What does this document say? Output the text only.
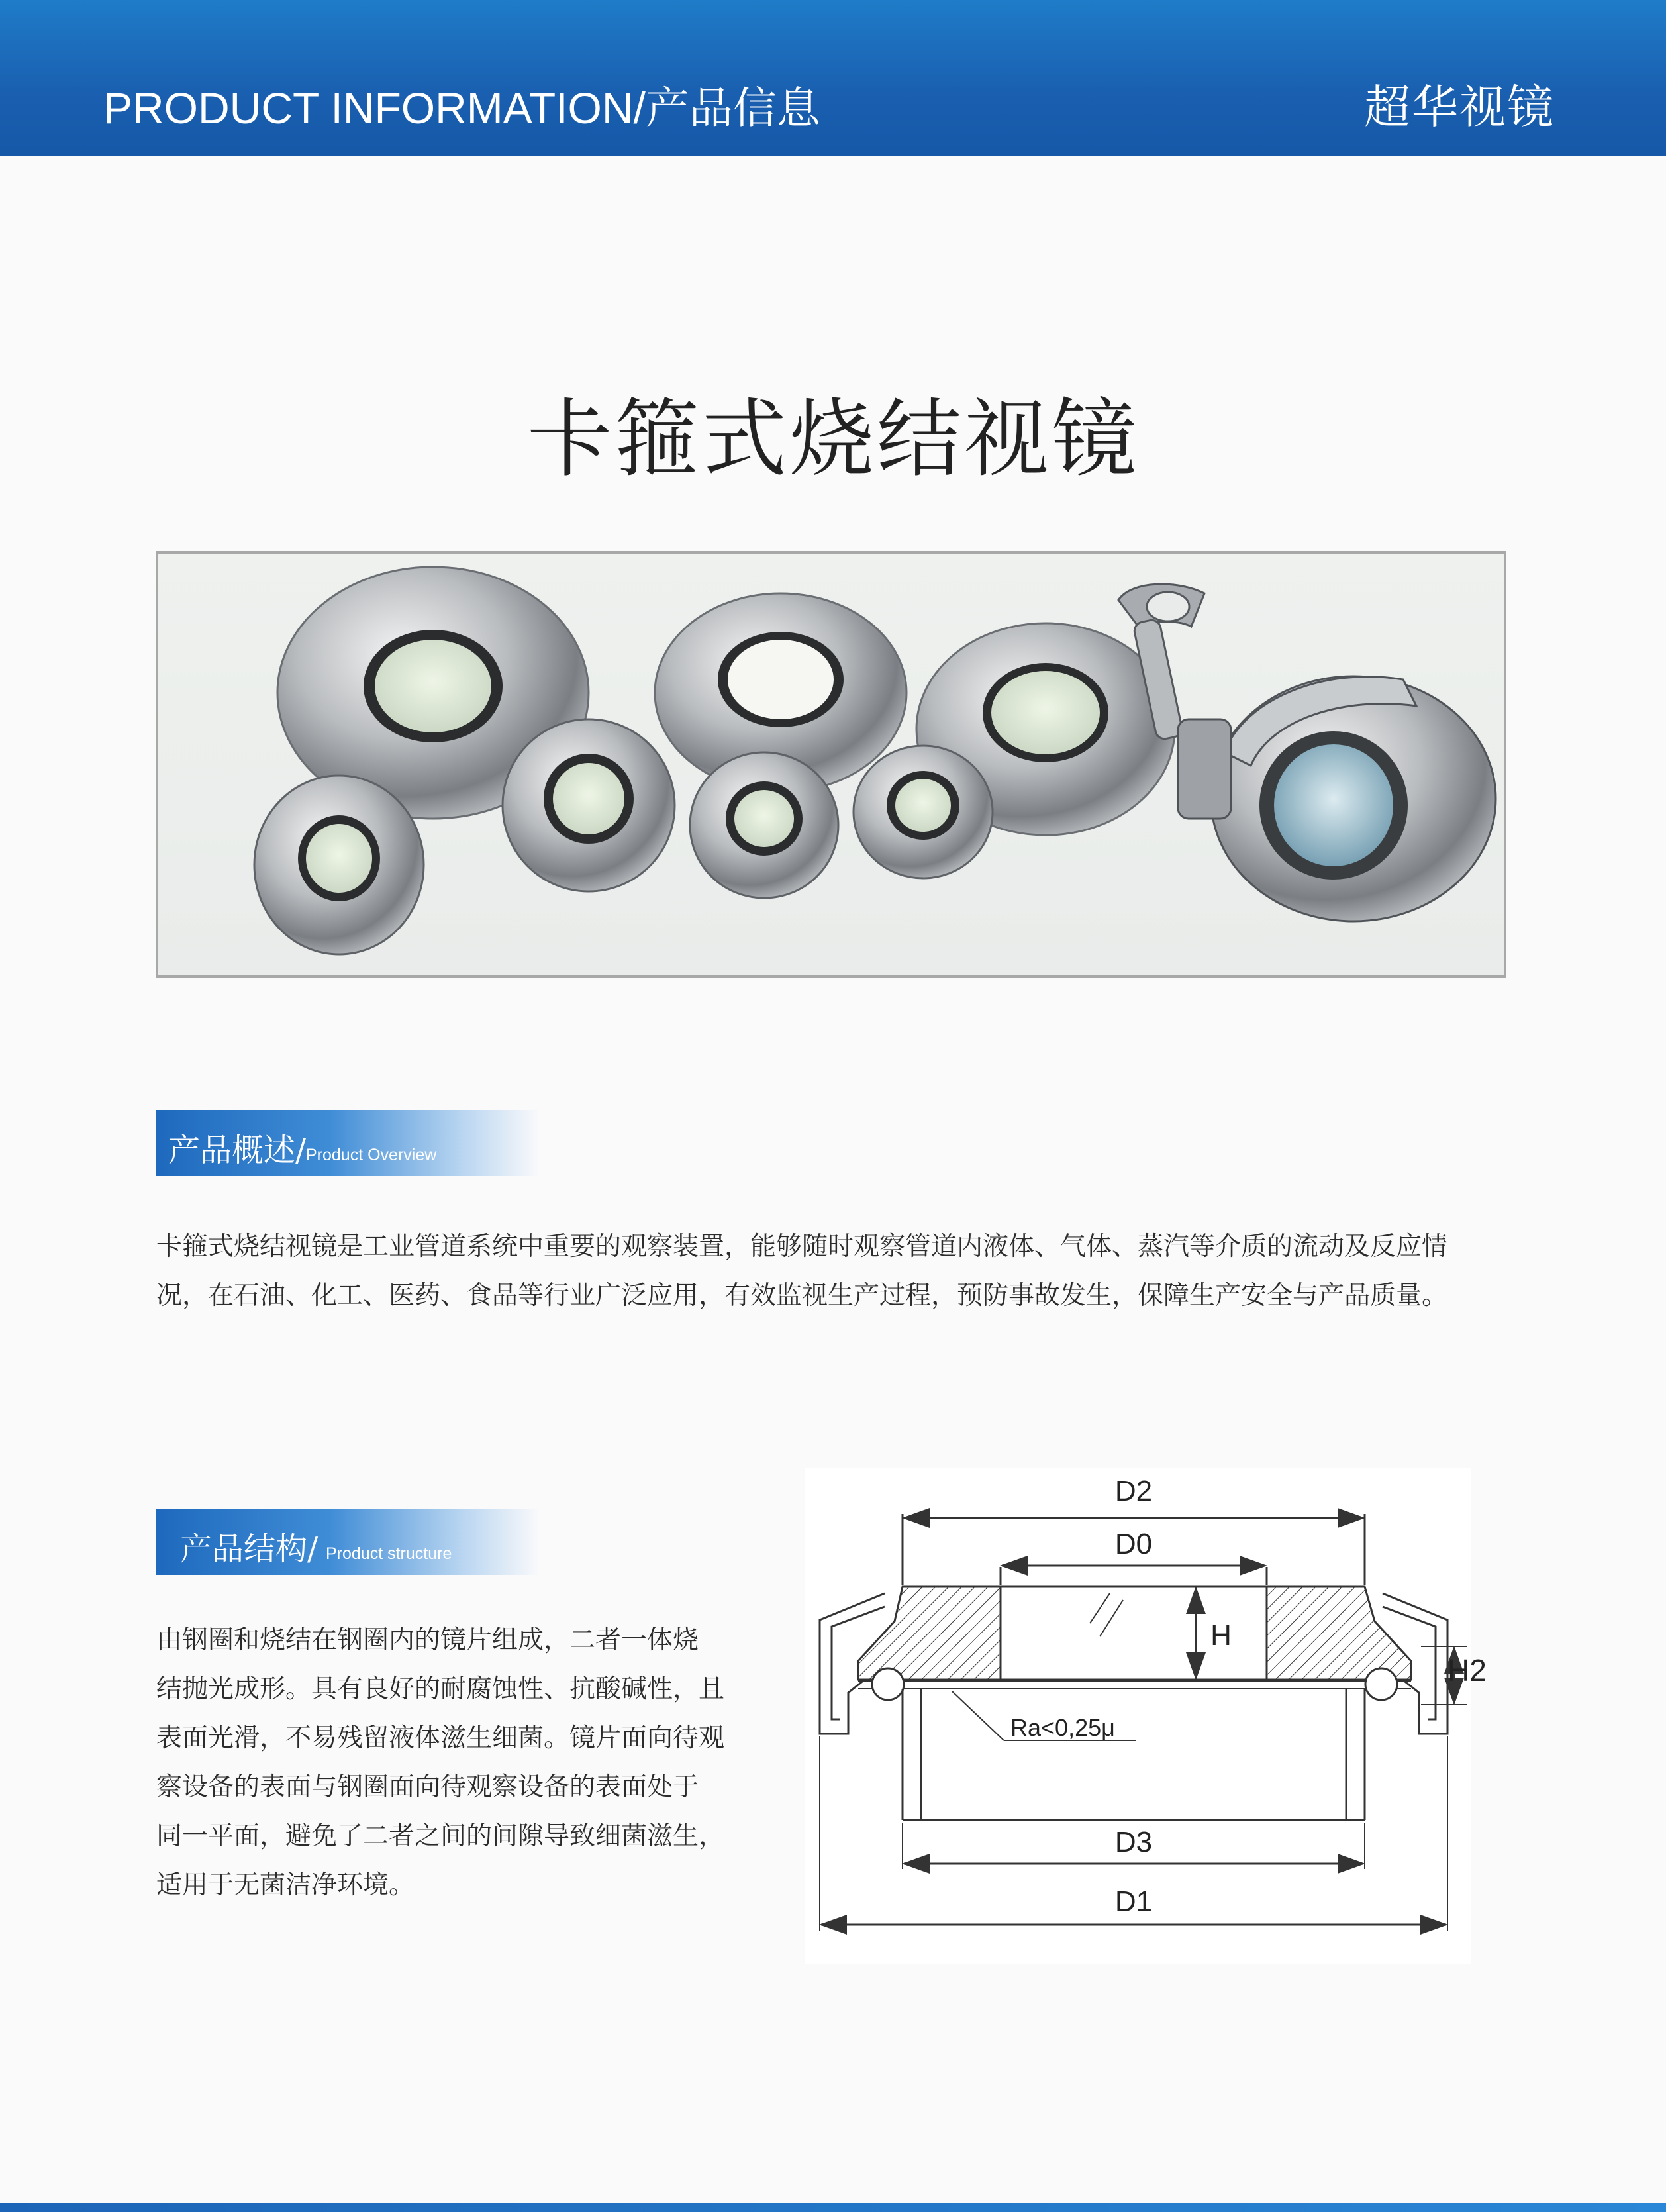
PRODUCT INFORMATION/产品信息	超华视镜
卡箍式烧结视镜
产品概述/ Product Overview
卡箍式烧结视镜是工业管道系统中重要的观察装置，能够随时观察管道内液体、气体、蒸汽等介质的流动及反应情
况，在石油、化工、医药、食品等行业广泛应用，有效监视生产过程，预防事故发生，保障生产安全与产品质量。
产品结构/ Product structure
由钢圈和烧结在钢圈内的镜片组成，二者一体烧
结抛光成形。具有良好的耐腐蚀性、抗酸碱性，且
表面光滑，不易残留液体滋生细菌。镜片面向待观
察设备的表面与钢圈面向待观察设备的表面处于
同一平面，避免了二者之间的间隙导致细菌滋生，
适用于无菌洁净环境。
D2
D0
H
H2
Ra<0,25μ
D3
D1
